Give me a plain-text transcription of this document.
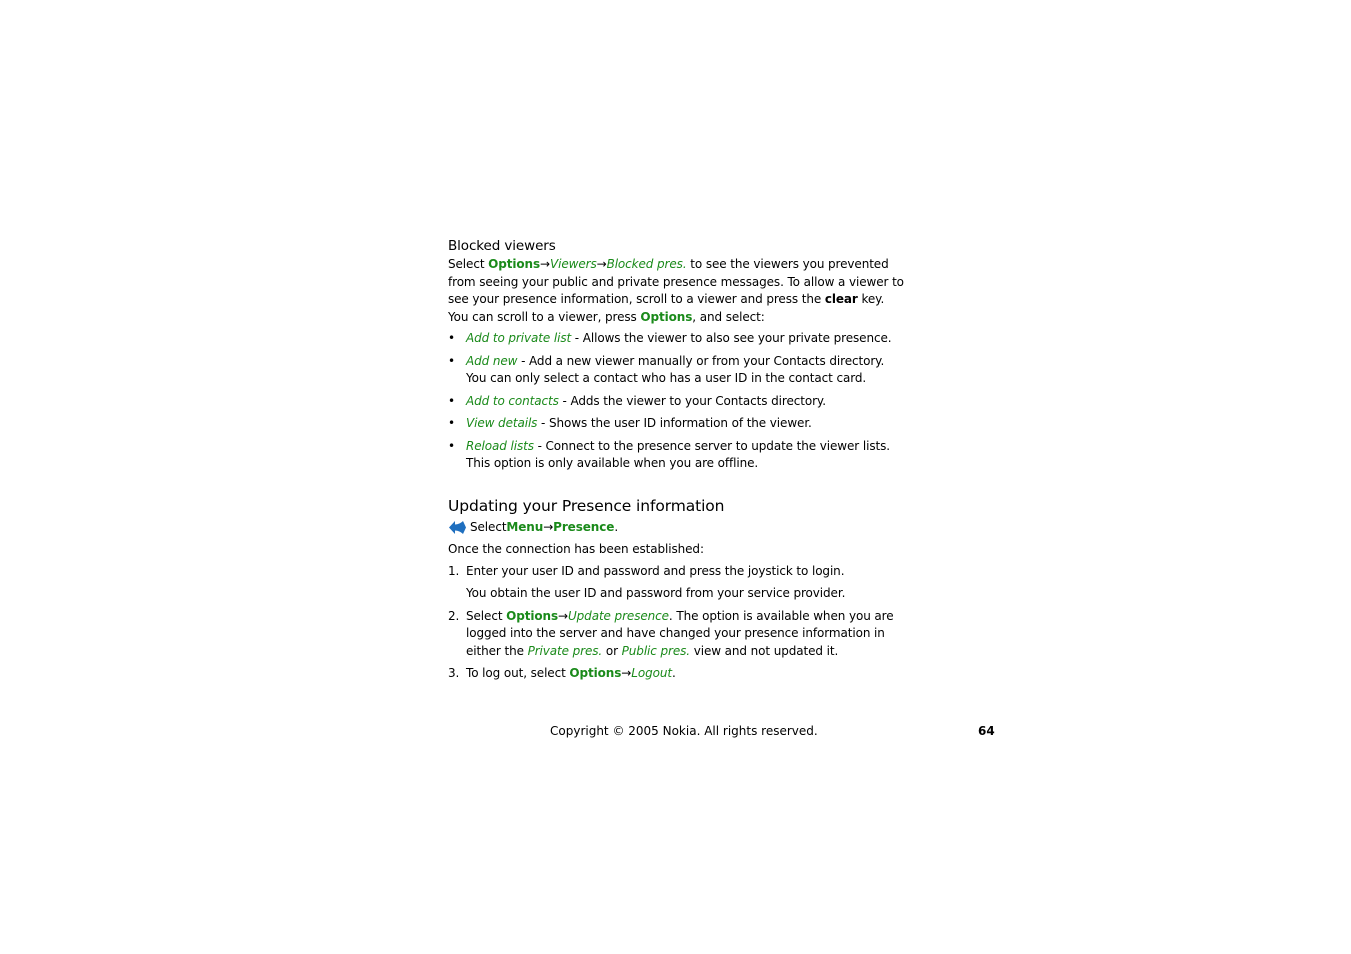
Blocked viewers

Select Options→Viewers→Blocked pres. to see the viewers you prevented from seeing your public and private presence messages. To allow a viewer to see your presence information, scroll to a viewer and press the clear key. You can scroll to a viewer, press Options, and select:

• Add to private list - Allows the viewer to also see your private presence.
• Add new - Add a new viewer manually or from your Contacts directory. You can only select a contact who has a user ID in the contact card.
• Add to contacts - Adds the viewer to your Contacts directory.
• View details - Shows the user ID information of the viewer.
• Reload lists - Connect to the presence server to update the viewer lists. This option is only available when you are offline.
Updating your Presence information
Select Menu → Presence .

Once the connection has been established:

1. Enter your user ID and password and press the joystick to login.
You obtain the user ID and password from your service provider.
2. Select Options→Update presence. The option is available when you are logged into the server and have changed your presence information in either the Private pres. or Public pres. view and not updated it.
3. To log out, select Options→Logout.
Copyright © 2005 Nokia. All rights reserved.	64
